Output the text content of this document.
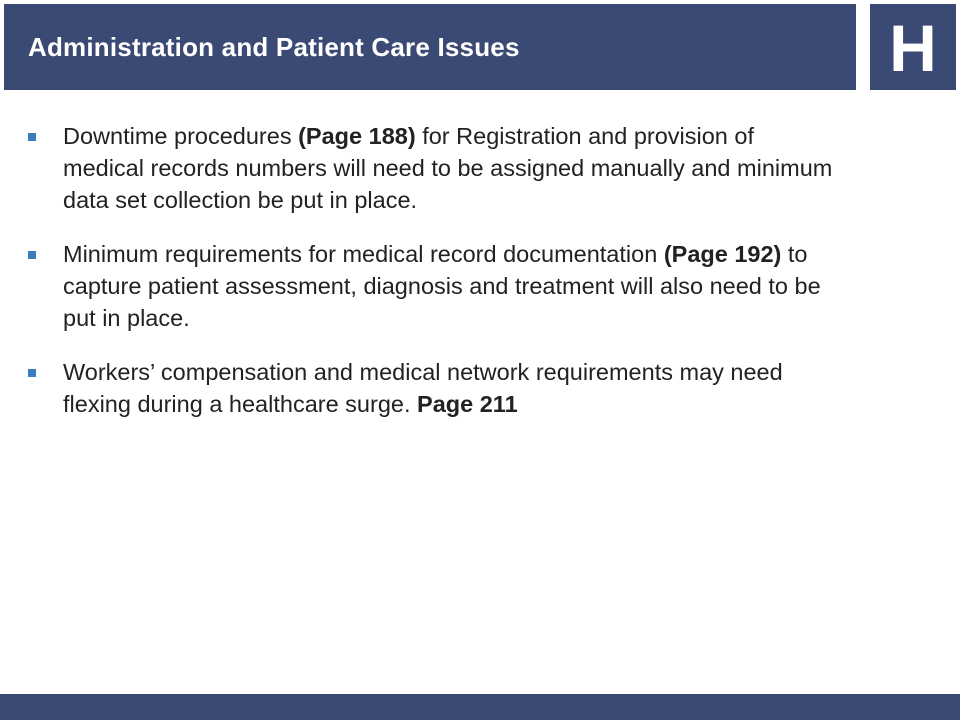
Administration and Patient Care Issues	H
Downtime procedures (Page 188) for Registration and provision of medical records numbers will need to be assigned manually and minimum data set collection be put in place.
Minimum requirements for medical record documentation (Page 192) to capture patient assessment, diagnosis and treatment will also need to be put in place.
Workers’ compensation and medical network requirements may need flexing during a healthcare surge. Page 211
